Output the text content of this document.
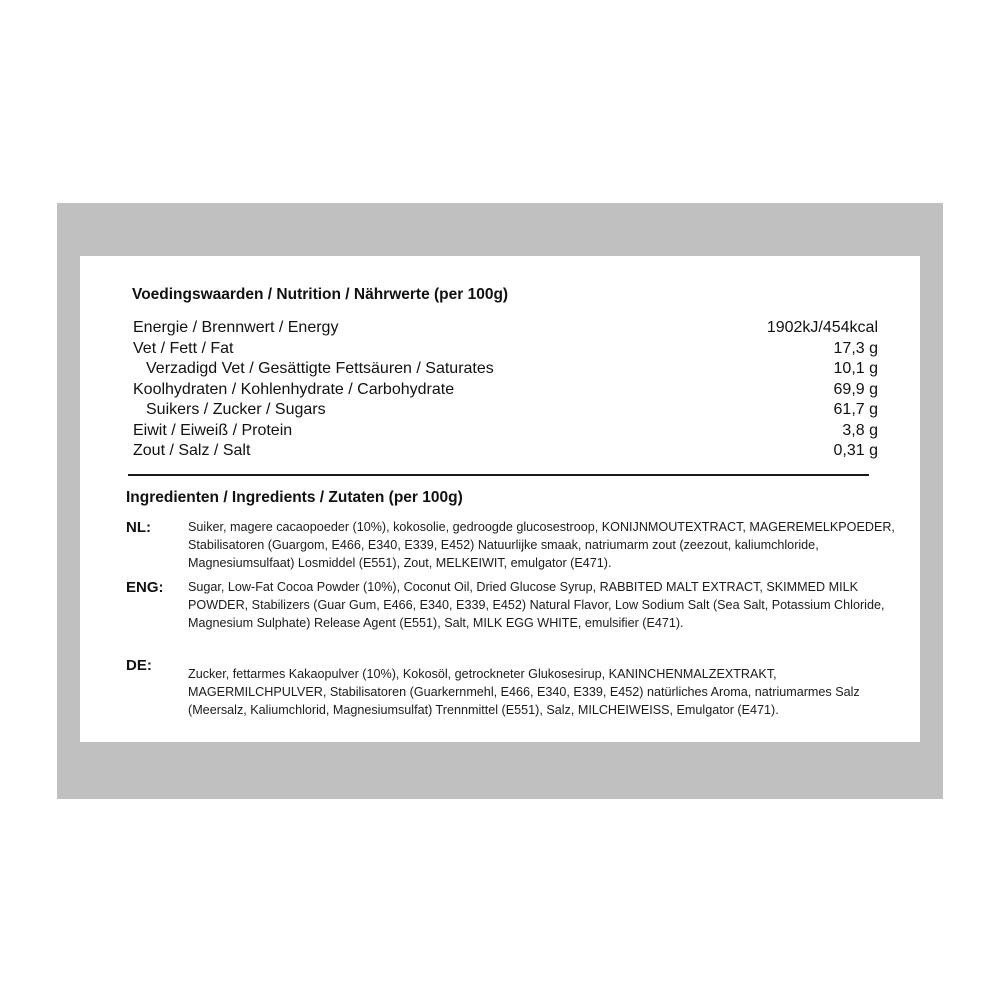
Voedingswaarden / Nutrition / Nährwerte (per 100g)
Energie / Brennwert / Energy	1902kJ/454kcal
Vet / Fett / Fat	17,3 g
Verzadigd Vet / Gesättigte Fettsäuren / Saturates	10,1 g
Koolhydraten / Kohlenhydrate / Carbohydrate	69,9 g
Suikers / Zucker / Sugars	61,7 g
Eiwit / Eiweiß / Protein	3,8 g
Zout / Salz / Salt	0,31 g
Ingredienten / Ingredients / Zutaten (per 100g)
NL:	Suiker, magere cacaopoeder (10%), kokosolie, gedroogde glucosestroop, KONIJNMOUTEXTRACT, MAGEREMELKPOEDER, Stabilisatoren (Guargom, E466, E340, E339, E452) Natuurlijke smaak, natriumarm zout (zeezout, kaliumchloride, Magnesiumsulfaat) Losmiddel (E551), Zout, MELKEIWIT, emulgator (E471).
ENG:	Sugar, Low-Fat Cocoa Powder (10%), Coconut Oil, Dried Glucose Syrup, RABBITED MALT EXTRACT, SKIMMED MILK POWDER, Stabilizers (Guar Gum, E466, E340, E339, E452) Natural Flavor, Low Sodium Salt (Sea Salt, Potassium Chloride, Magnesium Sulphate) Release Agent (E551), Salt, MILK EGG WHITE, emulsifier (E471).
DE:	Zucker, fettarmes Kakaopulver (10%), Kokosöl, getrockneter Glukosesirup, KANINCHENMALZEXTRAKT, MAGERMILCHPULVER, Stabilisatoren (Guarkernmehl, E466, E340, E339, E452) natürliches Aroma, natriumarmes Salz (Meersalz, Kaliumchlorid, Magnesiumsulfat) Trennmittel (E551), Salz, MILCHEIWEISS, Emulgator (E471).
